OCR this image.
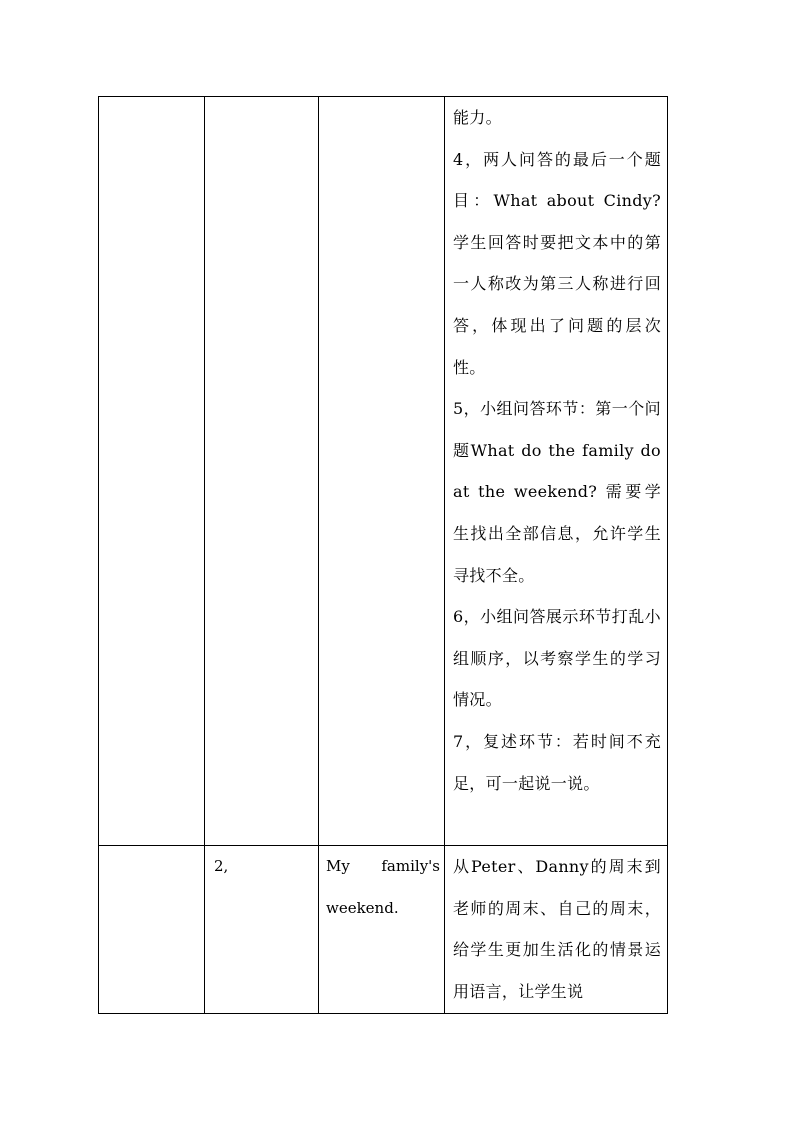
			能力。

4，两人问答的最后一个题目：What about Cindy?学生回答时要把文本中的第一人称改为第三人称进行回答，体现出了问题的层次性。

5，小组问答环节：第一个问题What do the family do at the weekend? 需要学生找出全部信息，允许学生寻找不全。

6，小组问答展示环节打乱小组顺序，以考察学生的学习情况。

7，复述环节：若时间不充足，可一起说一说。

	2,	My family's weekend.	从Peter、Danny的周末到老师的周末、自己的周末，给学生更加生活化的情景运用语言，让学生说
